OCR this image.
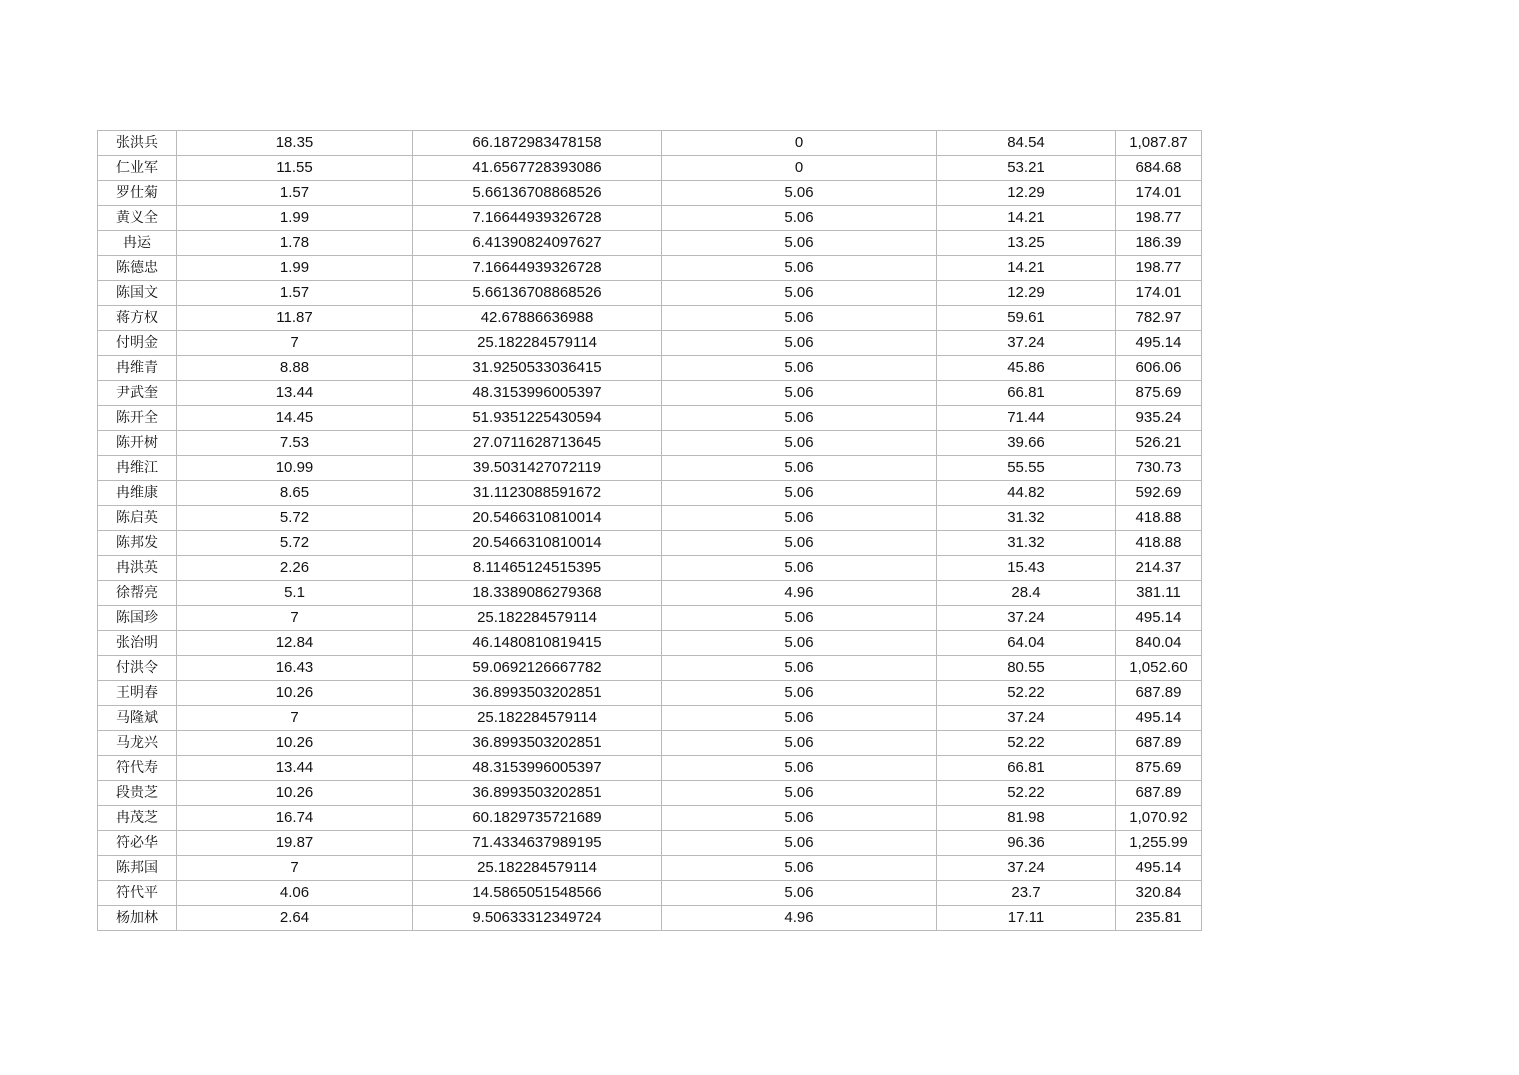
张洪兵	18.35	66.1872983478158	0	84.54	1,087.87
仁业军	11.55	41.6567728393086	0	53.21	684.68
罗仕菊	1.57	5.66136708868526	5.06	12.29	174.01
黄义全	1.99	7.16644939326728	5.06	14.21	198.77
冉运	1.78	6.41390824097627	5.06	13.25	186.39
陈德忠	1.99	7.16644939326728	5.06	14.21	198.77
陈国文	1.57	5.66136708868526	5.06	12.29	174.01
蒋方权	11.87	42.67886636988	5.06	59.61	782.97
付明金	7	25.182284579114	5.06	37.24	495.14
冉维青	8.88	31.9250533036415	5.06	45.86	606.06
尹武奎	13.44	48.3153996005397	5.06	66.81	875.69
陈开全	14.45	51.9351225430594	5.06	71.44	935.24
陈开树	7.53	27.0711628713645	5.06	39.66	526.21
冉维江	10.99	39.5031427072119	5.06	55.55	730.73
冉维康	8.65	31.1123088591672	5.06	44.82	592.69
陈启英	5.72	20.5466310810014	5.06	31.32	418.88
陈邦发	5.72	20.5466310810014	5.06	31.32	418.88
冉洪英	2.26	8.11465124515395	5.06	15.43	214.37
徐帮亮	5.1	18.3389086279368	4.96	28.4	381.11
陈国珍	7	25.182284579114	5.06	37.24	495.14
张治明	12.84	46.1480810819415	5.06	64.04	840.04
付洪令	16.43	59.0692126667782	5.06	80.55	1,052.60
王明春	10.26	36.8993503202851	5.06	52.22	687.89
马隆斌	7	25.182284579114	5.06	37.24	495.14
马龙兴	10.26	36.8993503202851	5.06	52.22	687.89
符代寿	13.44	48.3153996005397	5.06	66.81	875.69
段贵芝	10.26	36.8993503202851	5.06	52.22	687.89
冉茂芝	16.74	60.1829735721689	5.06	81.98	1,070.92
符必华	19.87	71.4334637989195	5.06	96.36	1,255.99
陈邦国	7	25.182284579114	5.06	37.24	495.14
符代平	4.06	14.5865051548566	5.06	23.7	320.84
杨加林	2.64	9.50633312349724	4.96	17.11	235.81
